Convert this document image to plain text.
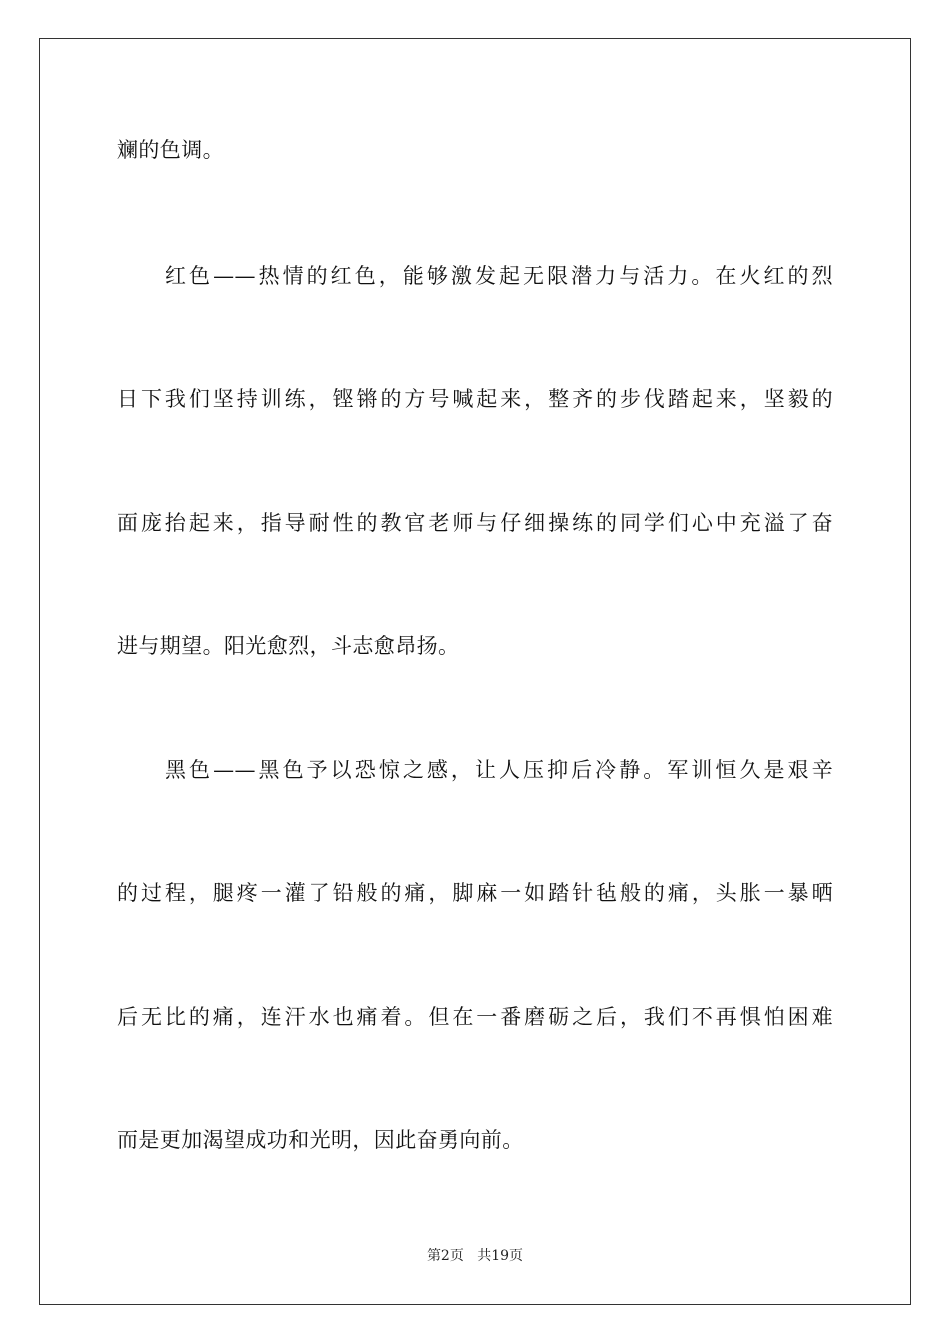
斓的色调。
红色——热情的红色，能够激发起无限潜力与活力。在火红的烈
日下我们坚持训练，铿锵的方号喊起来，整齐的步伐踏起来，坚毅的
面庞抬起来，指导耐性的教官老师与仔细操练的同学们心中充溢了奋
进与期望。阳光愈烈，斗志愈昂扬。
黑色——黑色予以恐惊之感，让人压抑后冷静。军训恒久是艰辛
的过程，腿疼一灌了铅般的痛，脚麻一如踏针毡般的痛，头胀一暴晒
后无比的痛，连汗水也痛着。但在一番磨砺之后，我们不再惧怕困难
而是更加渴望成功和光明，因此奋勇向前。
第2页 共19页
